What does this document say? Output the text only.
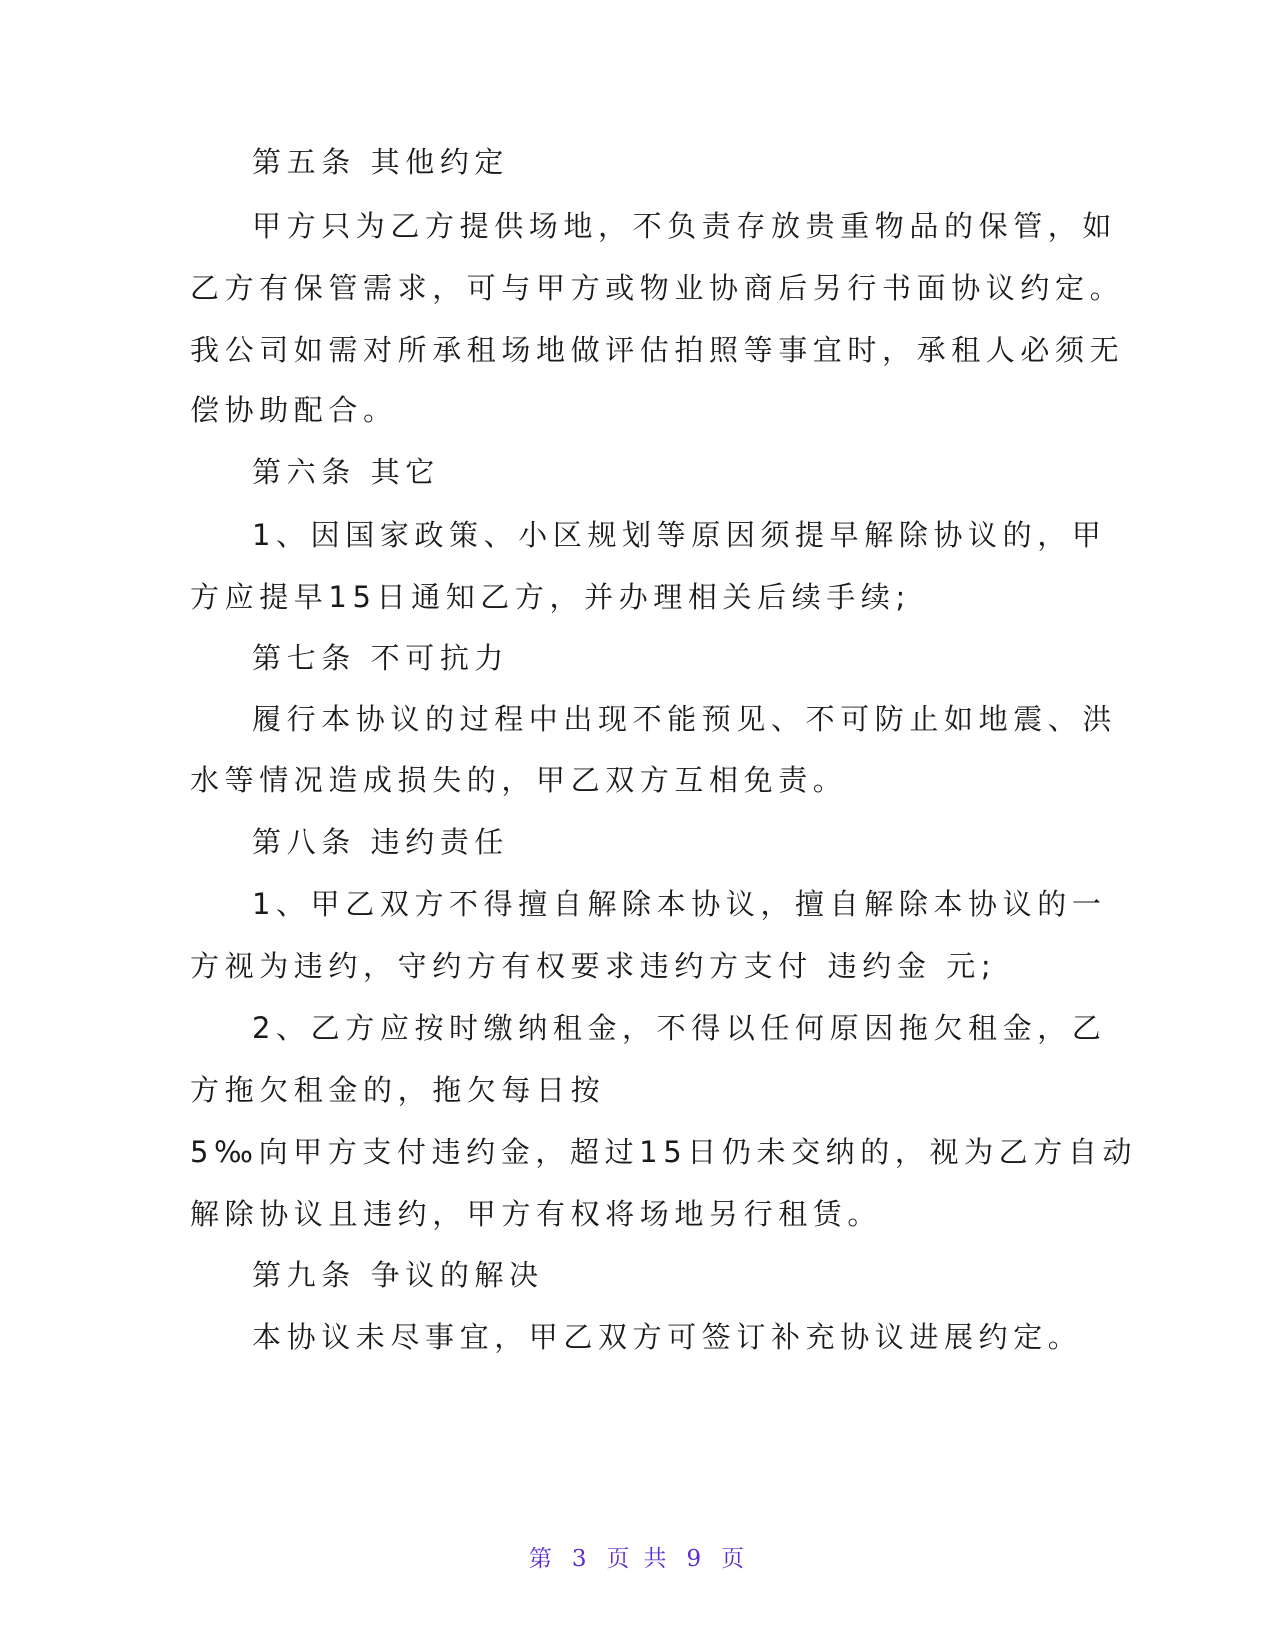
第五条 其他约定
甲方只为乙方提供场地，不负责存放贵重物品的保管，如
乙方有保管需求，可与甲方或物业协商后另行书面协议约定。
我公司如需对所承租场地做评估拍照等事宜时，承租人必须无
偿协助配合。
第六条 其它
1、因国家政策、小区规划等原因须提早解除协议的，甲
方应提早15日通知乙方，并办理相关后续手续;
第七条 不可抗力
履行本协议的过程中出现不能预见、不可防止如地震、洪
水等情况造成损失的，甲乙双方互相免责。
第八条 违约责任
1、甲乙双方不得擅自解除本协议，擅自解除本协议的一
方视为违约，守约方有权要求违约方支付 违约金 元;
2、乙方应按时缴纳租金，不得以任何原因拖欠租金，乙
方拖欠租金的，拖欠每日按
5‰向甲方支付违约金，超过15日仍未交纳的，视为乙方自动
解除协议且违约，甲方有权将场地另行租赁。
第九条 争议的解决
本协议未尽事宜，甲乙双方可签订补充协议进展约定。
第 3 页 共 9 页
